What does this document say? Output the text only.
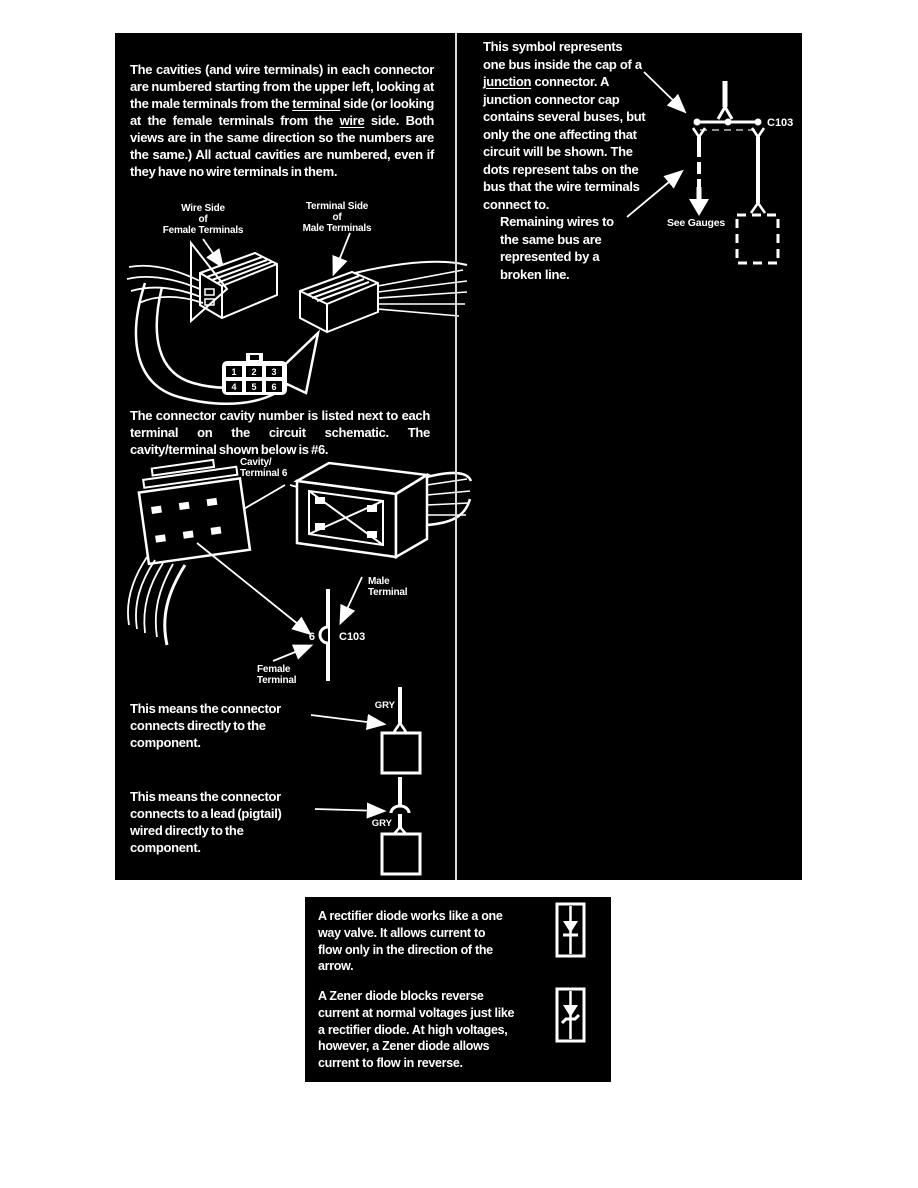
1 2 3
4 5 6
6 C103
GRY
GRY
C103
The cavities (and wire terminals) in each connector are numbered starting from the upper left, looking at the male terminals from the terminal side (or looking at the female terminals from the wire side. Both views are in the same direction so the numbers are the same.) All actual cavities are numbered, even if they have no wire terminals in them.
Wire Side
of
Female Terminals
Terminal Side
of
Male Terminals
The connector cavity number is listed next to each terminal on the circuit schematic. The cavity/terminal shown below is #6.
Cavity/
Terminal 6
Male
Terminal
Female
Terminal
This means the connector
connects directly to the
component.
This means the connector
connects to a lead (pigtail)
wired directly to the
component.
This symbol represents
one bus inside the cap of a
junction connector. A
junction connector cap
contains several buses, but
only the one affecting that
circuit will be shown. The
dots represent tabs on the
bus that the wire terminals
connect to.
Remaining wires to
the same bus are
represented by a
broken line.
See Gauges
A rectifier diode works like a one
way valve. It allows current to
flow only in the direction of the
arrow.
A Zener diode blocks reverse
current at normal voltages just like
a rectifier diode. At high voltages,
however, a Zener diode allows
current to flow in reverse.
